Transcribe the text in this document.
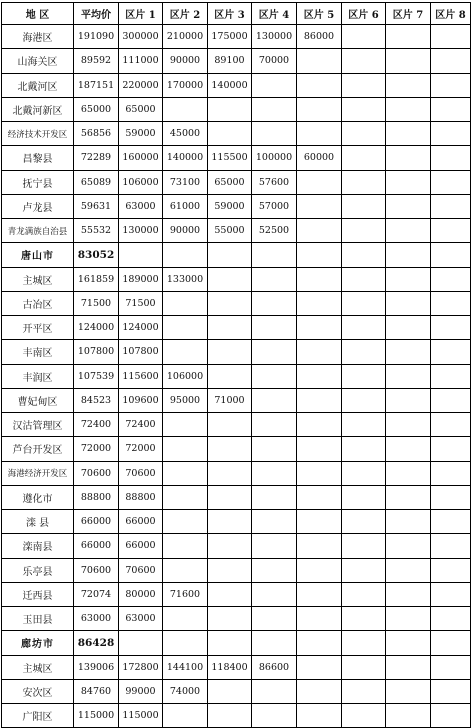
地 区	平均价	区片 1	区片 2	区片 3	区片 4	区片 5	区片 6	区片 7	区片 8
海港区	191090	300000	210000	175000	130000	86000			
山海关区	89592	111000	90000	89100	70000				
北戴河区	187151	220000	170000	140000					
北戴河新区	65000	65000							
经济技术开发区	56856	59000	45000						
昌黎县	72289	160000	140000	115500	100000	60000			
抚宁县	65089	106000	73100	65000	57600				
卢龙县	59631	63000	61000	59000	57000				
青龙满族自治县	55532	130000	90000	55000	52500				
唐山市	83052								
主城区	161859	189000	133000						
古冶区	71500	71500							
开平区	124000	124000							
丰南区	107800	107800							
丰润区	107539	115600	106000						
曹妃甸区	84523	109600	95000	71000					
汉沽管理区	72400	72400							
芦台开发区	72000	72000							
海港经济开发区	70600	70600							
遵化市	88800	88800							
滦 县	66000	66000							
滦南县	66000	66000							
乐亭县	70600	70600							
迁西县	72074	80000	71600						
玉田县	63000	63000							
廊坊市	86428								
主城区	139006	172800	144100	118400	86600				
安次区	84760	99000	74000						
广阳区	115000	115000							
